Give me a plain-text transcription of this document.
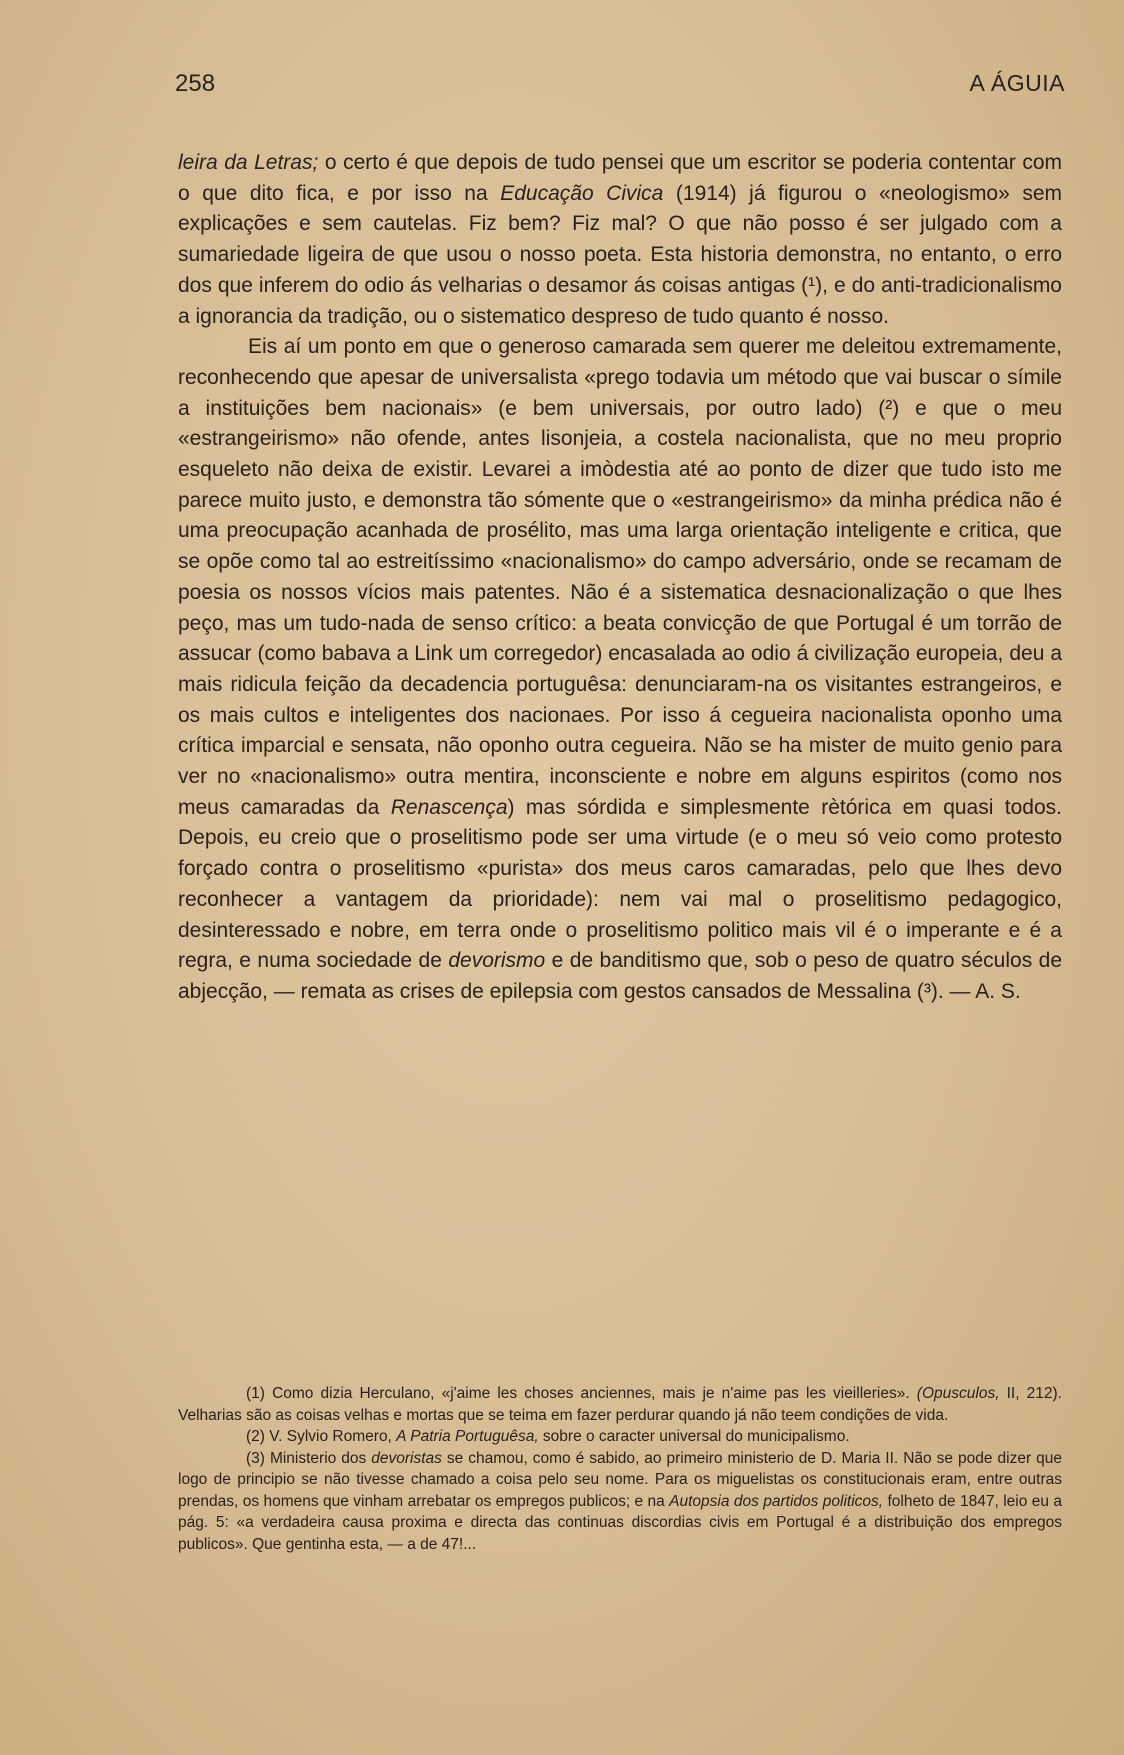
258	A ÁGUIA

leira da Letras; o certo é que depois de tudo pensei que um escritor se poderia contentar com o que dito fica, e por isso na Educação Civica (1914) já figurou o «neologismo» sem explicações e sem cautelas. Fiz bem? Fiz mal? O que não posso é ser julgado com a sumariedade ligeira de que usou o nosso poeta. Esta historia demonstra, no entanto, o erro dos que inferem do odio ás velharias o desamor ás coisas antigas (¹), e do anti-tradicionalismo a ignorancia da tradição, ou o sistematico despreso de tudo quanto é nosso.

Eis aí um ponto em que o generoso camarada sem querer me deleitou extremamente, reconhecendo que apesar de universalista «prego todavia um método que vai buscar o símile a instituições bem nacionais» (e bem universais, por outro lado) (²) e que o meu «estrangeirismo» não ofende, antes lisonjeia, a costela nacionalista, que no meu proprio esqueleto não deixa de existir. Levarei a imòdestia até ao ponto de dizer que tudo isto me parece muito justo, e demonstra tão sómente que o «estrangeirismo» da minha prédica não é uma preocupação acanhada de prosélito, mas uma larga orientação inteligente e critica, que se opõe como tal ao estreitíssimo «nacionalismo» do campo adversário, onde se recamam de poesia os nossos vícios mais patentes. Não é a sistematica desnacionalização o que lhes peço, mas um tudo-nada de senso crítico: a beata convicção de que Portugal é um torrão de assucar (como babava a Link um corregedor) encasalada ao odio á civilização europeia, deu a mais ridicula feição da decadencia portuguêsa: denunciaram-na os visitantes estrangeiros, e os mais cultos e inteligentes dos nacionaes. Por isso á cegueira nacionalista oponho uma crítica imparcial e sensata, não oponho outra cegueira. Não se ha mister de muito genio para ver no «nacionalismo» outra mentira, inconsciente e nobre em alguns espiritos (como nos meus camaradas da Renascença) mas sórdida e simplesmente rètórica em quasi todos. Depois, eu creio que o proselitismo pode ser uma virtude (e o meu só veio como protesto forçado contra o proselitismo «purista» dos meus caros camaradas, pelo que lhes devo reconhecer a vantagem da prioridade): nem vai mal o proselitismo pedagogico, desinteressado e nobre, em terra onde o proselitismo politico mais vil é o imperante e é a regra, e numa sociedade de devorismo e de banditismo que, sob o peso de quatro séculos de abjecção, — remata as crises de epilepsia com gestos cansados de Messalina (³). — A. S.

(1) Como dizia Herculano, «j'aime les choses anciennes, mais je n'aime pas les vieilleries». (Opusculos, II, 212). Velharias são as coisas velhas e mortas que se teima em fazer perdurar quando já não teem condições de vida.

(2) V. Sylvio Romero, A Patria Portuguêsa, sobre o caracter universal do municipalismo.

(3) Ministerio dos devoristas se chamou, como é sabido, ao primeiro ministerio de D. Maria II. Não se pode dizer que logo de principio se não tivesse chamado a coisa pelo seu nome. Para os miguelistas os constitucionais eram, entre outras prendas, os homens que vinham arrebatar os empregos publicos; e na Autopsia dos partidos politicos, folheto de 1847, leio eu a pág. 5: «a verdadeira causa proxima e directa das continuas discordias civis em Portugal é a distribuição dos empregos publicos». Que gentinha esta, — a de 47!...
